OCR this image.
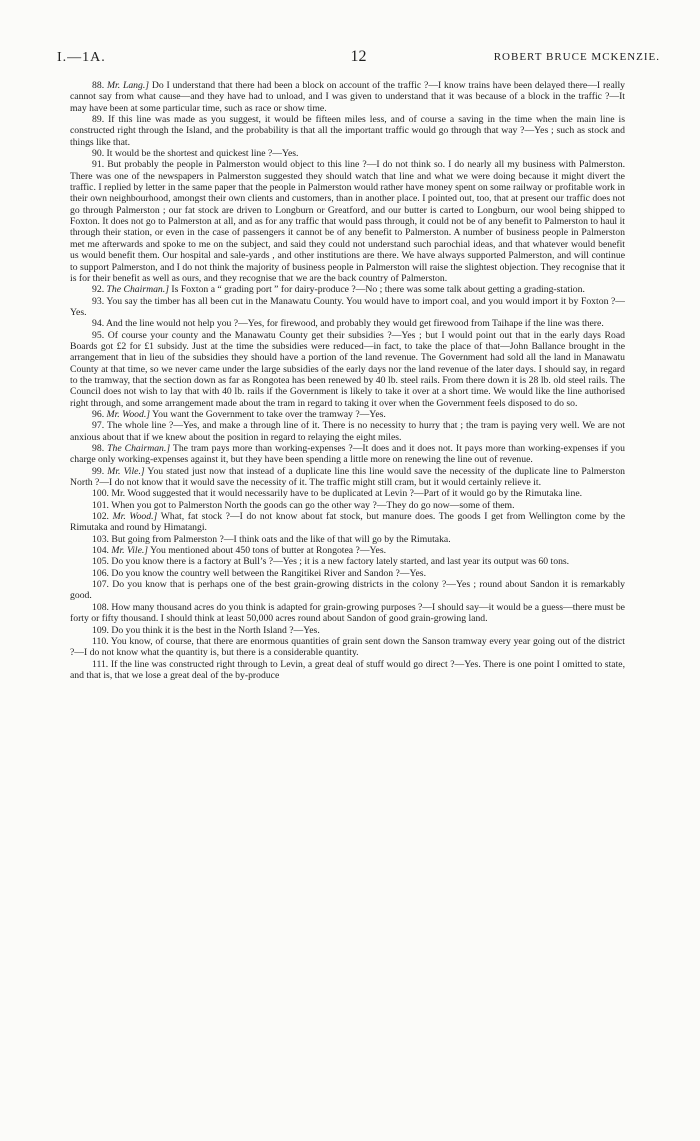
I.—1A.	12	ROBERT BRUCE MCKENZIE.

88. Mr. Lang.] Do I understand that there had been a block on account of the traffic ?—I know trains have been delayed there—I really cannot say from what cause—and they have had to unload, and I was given to understand that it was because of a block in the traffic ?—It may have been at some particular time, such as race or show time.

89. If this line was made as you suggest, it would be fifteen miles less, and of course a saving in the time when the main line is constructed right through the Island, and the probability is that all the important traffic would go through that way ?—Yes ; such as stock and things like that.

90. It would be the shortest and quickest line ?—Yes.

91. But probably the people in Palmerston would object to this line ?—I do not think so. I do nearly all my business with Palmerston. There was one of the newspapers in Palmerston suggested they should watch that line and what we were doing because it might divert the traffic. I replied by letter in the same paper that the people in Palmerston would rather have money spent on some railway or profitable work in their own neighbourhood, amongst their own clients and customers, than in another place. I pointed out, too, that at present our traffic does not go through Palmerston ; our fat stock are driven to Longburn or Greatford, and our butter is carted to Longburn, our wool being shipped to Foxton. It does not go to Palmerston at all, and as for any traffic that would pass through, it could not be of any benefit to Palmerston to haul it through their station, or even in the case of passengers it cannot be of any benefit to Palmerston. A number of business people in Palmerston met me afterwards and spoke to me on the subject, and said they could not understand such parochial ideas, and that whatever would benefit us would benefit them. Our hospital and sale-yards , and other institutions are there. We have always supported Palmerston, and will continue to support Palmerston, and I do not think the majority of business people in Palmerston will raise the slightest objection. They recognise that it is for their benefit as well as ours, and they recognise that we are the back country of Palmerston.

92. The Chairman.] Is Foxton a “ grading port ” for dairy-produce ?—No ; there was some talk about getting a grading-station.

93. You say the timber has all been cut in the Manawatu County. You would have to import coal, and you would import it by Foxton ?—Yes.

94. And the line would not help you ?—Yes, for firewood, and probably they would get firewood from Taihape if the line was there.

95. Of course your county and the Manawatu County get their subsidies ?—Yes ; but I would point out that in the early days Road Boards got £2 for £1 subsidy. Just at the time the subsidies were reduced—in fact, to take the place of that—John Ballance brought in the arrangement that in lieu of the subsidies they should have a portion of the land revenue. The Government had sold all the land in Manawatu County at that time, so we never came under the large subsidies of the early days nor the land revenue of the later days. I should say, in regard to the tramway, that the section down as far as Rongotea has been renewed by 40 lb. steel rails. From there down it is 28 lb. old steel rails. The Council does not wish to lay that with 40 lb. rails if the Government is likely to take it over at a short time. We would like the line authorised right through, and some arrangement made about the tram in regard to taking it over when the Government feels disposed to do so.

96. Mr. Wood.] You want the Government to take over the tramway ?—Yes.

97. The whole line ?—Yes, and make a through line of it. There is no necessity to hurry that ; the tram is paying very well. We are not anxious about that if we knew about the position in regard to relaying the eight miles.

98. The Chairman.] The tram pays more than working-expenses ?—It does and it does not. It pays more than working-expenses if you charge only working-expenses against it, but they have been spending a little more on renewing the line out of revenue.

99. Mr. Vile.] You stated just now that instead of a duplicate line this line would save the necessity of the duplicate line to Palmerston North ?—I do not know that it would save the necessity of it. The traffic might still cram, but it would certainly relieve it.

100. Mr. Wood suggested that it would necessarily have to be duplicated at Levin ?—Part of it would go by the Rimutaka line.

101. When you got to Palmerston North the goods can go the other way ?—They do go now—some of them.

102. Mr. Wood.] What, fat stock ?—I do not know about fat stock, but manure does. The goods I get from Wellington come by the Rimutaka and round by Himatangi.

103. But going from Palmerston ?—I think oats and the like of that will go by the Rimutaka.

104. Mr. Vile.] You mentioned about 450 tons of butter at Rongotea ?—Yes.

105. Do you know there is a factory at Bull’s ?—Yes ; it is a new factory lately started, and last year its output was 60 tons.

106. Do you know the country well between the Rangitikei River and Sandon ?—Yes.

107. Do you know that is perhaps one of the best grain-growing districts in the colony ?—Yes ; round about Sandon it is remarkably good.

108. How many thousand acres do you think is adapted for grain-growing purposes ?—I should say—it would be a guess—there must be forty or fifty thousand. I should think at least 50,000 acres round about Sandon of good grain-growing land.

109. Do you think it is the best in the North Island ?—Yes.

110. You know, of course, that there are enormous quantities of grain sent down the Sanson tramway every year going out of the district ?—I do not know what the quantity is, but there is a considerable quantity.

111. If the line was constructed right through to Levin, a great deal of stuff would go direct ?—Yes. There is one point I omitted to state, and that is, that we lose a great deal of the by-produce
